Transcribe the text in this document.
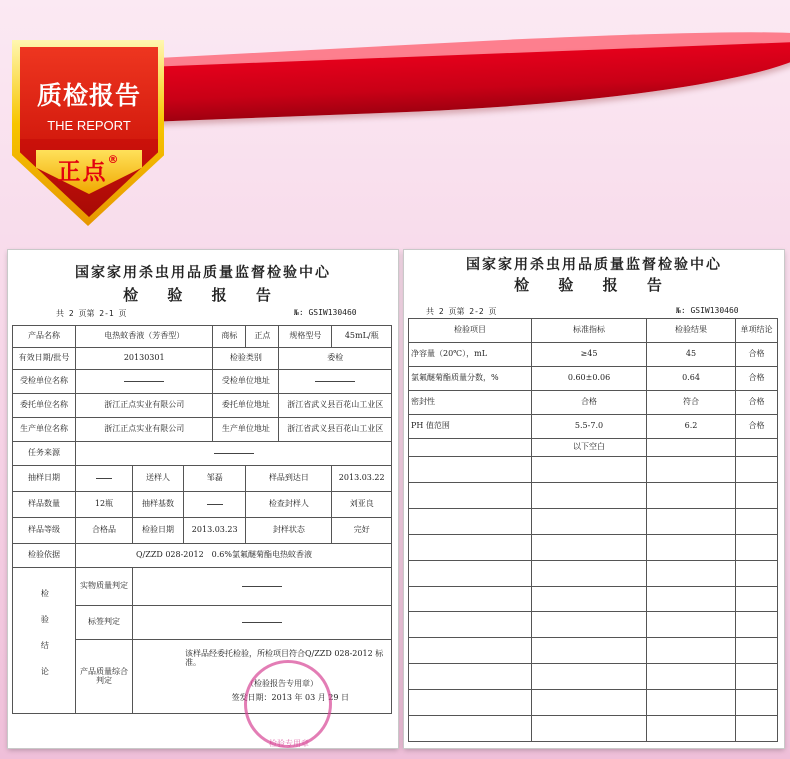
质检报告
THE REPORT
正点®
国家家用杀虫用品质量监督检验中心
检 验 报 告
共 2 页第 2-1 页	№: GSIW130460
产品名称	电热蚊香液（芳香型）			商标	正点	规格型号	45mL/瓶
有效日期/批号	20130301			检验类别		委检	
受检单位名称				受检单位地址			
委托单位名称	浙江正点实业有限公司			委托单位地址		浙江省武义县百花山工业区	
生产单位名称	浙江正点实业有限公司			生产单位地址		浙江省武义县百花山工业区	
任务来源							
抽样日期		送样人	邹磊		样品到达日		2013.03.22
样品数量	12瓶	抽样基数			检查封样人		刘亚良
样品等级	合格品	检验日期	2013.03.23		封样状态		完好
检验依据	Q/ZZD 028-2012　0.6%氯氟醚菊酯电热蚊香液						
检验结论	实物质量判定						
	标签判定						
	产品质量综合判定	该样品经委托检验，所检项目符合Q/ZZD 028-2012 标准。
（检验报告专用章）
签发日期：2013 年 03 月 29 日					
检验专用章
国家家用杀虫用品质量监督检验中心
检 验 报 告
共 2 页第 2-2 页	№: GSIW130460
检验项目	标准指标	检验结果	单项结论
净容量（20℃），mL	≥45	45	合格
氯氟醚菊酯质量分数，%	0.60±0.06	0.64	合格
密封性	合格	符合	合格
PH 值范围	5.5-7.0	6.2	合格
	以下空白		
